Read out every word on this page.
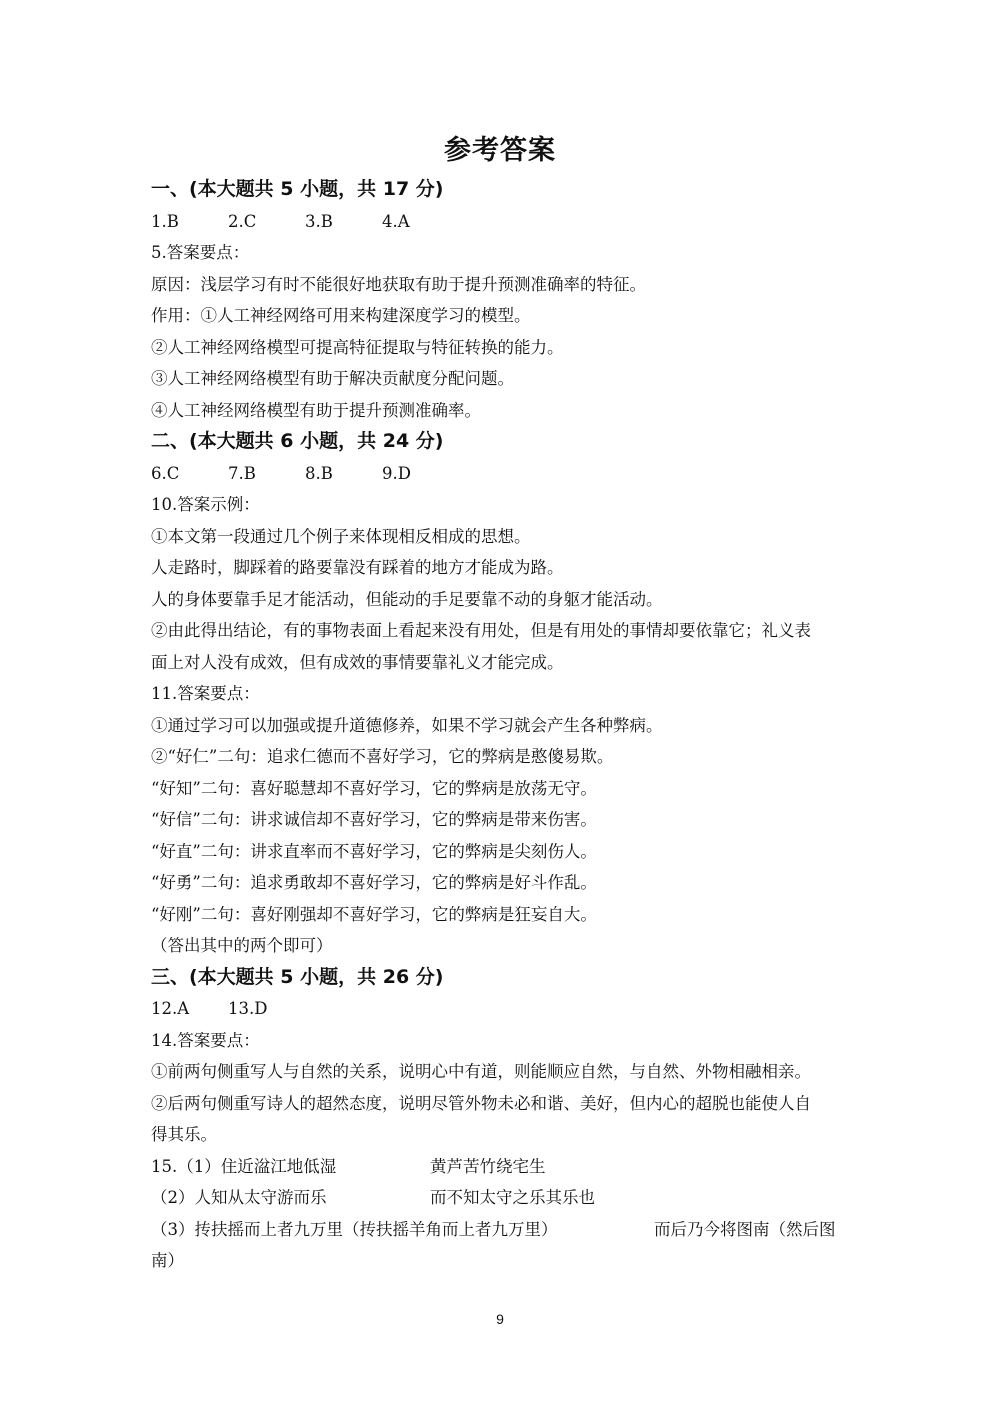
参考答案
一、(本大题共 5 小题，共 17 分)
1.B	2.C	3.B	4.A
5.答案要点：
原因：浅层学习有时不能很好地获取有助于提升预测准确率的特征。
作用：①人工神经网络可用来构建深度学习的模型。
②人工神经网络模型可提高特征提取与特征转换的能力。
③人工神经网络模型有助于解决贡献度分配问题。
④人工神经网络模型有助于提升预测准确率。
二、(本大题共 6 小题，共 24 分)
6.C	7.B	8.B	9.D
10.答案示例：
①本文第一段通过几个例子来体现相反相成的思想。
人走路时，脚踩着的路要靠没有踩着的地方才能成为路。
人的身体要靠手足才能活动，但能动的手足要靠不动的身躯才能活动。
②由此得出结论，有的事物表面上看起来没有用处，但是有用处的事情却要依靠它；礼义表
面上对人没有成效，但有成效的事情要靠礼义才能完成。
11.答案要点：
①通过学习可以加强或提升道德修养，如果不学习就会产生各种弊病。
②“好仁”二句：追求仁德而不喜好学习，它的弊病是憨傻易欺。
“好知”二句：喜好聪慧却不喜好学习，它的弊病是放荡无守。
“好信”二句：讲求诚信却不喜好学习，它的弊病是带来伤害。
“好直”二句：讲求直率而不喜好学习，它的弊病是尖刻伤人。
“好勇”二句：追求勇敢却不喜好学习，它的弊病是好斗作乱。
“好刚”二句：喜好刚强却不喜好学习，它的弊病是狂妄自大。
（答出其中的两个即可）
三、(本大题共 5 小题，共 26 分)
12.A 13.D
14.答案要点：
①前两句侧重写人与自然的关系，说明心中有道，则能顺应自然，与自然、外物相融相亲。
②后两句侧重写诗人的超然态度，说明尽管外物未必和谐、美好，但内心的超脱也能使人自
得其乐。
15.（1）住近湓江地低湿	黄芦苦竹绕宅生
（2）人知从太守游而乐	而不知太守之乐其乐也
（3）抟扶摇而上者九万里（抟扶摇羊角而上者九万里）	而后乃今将图南（然后图
南）
9
